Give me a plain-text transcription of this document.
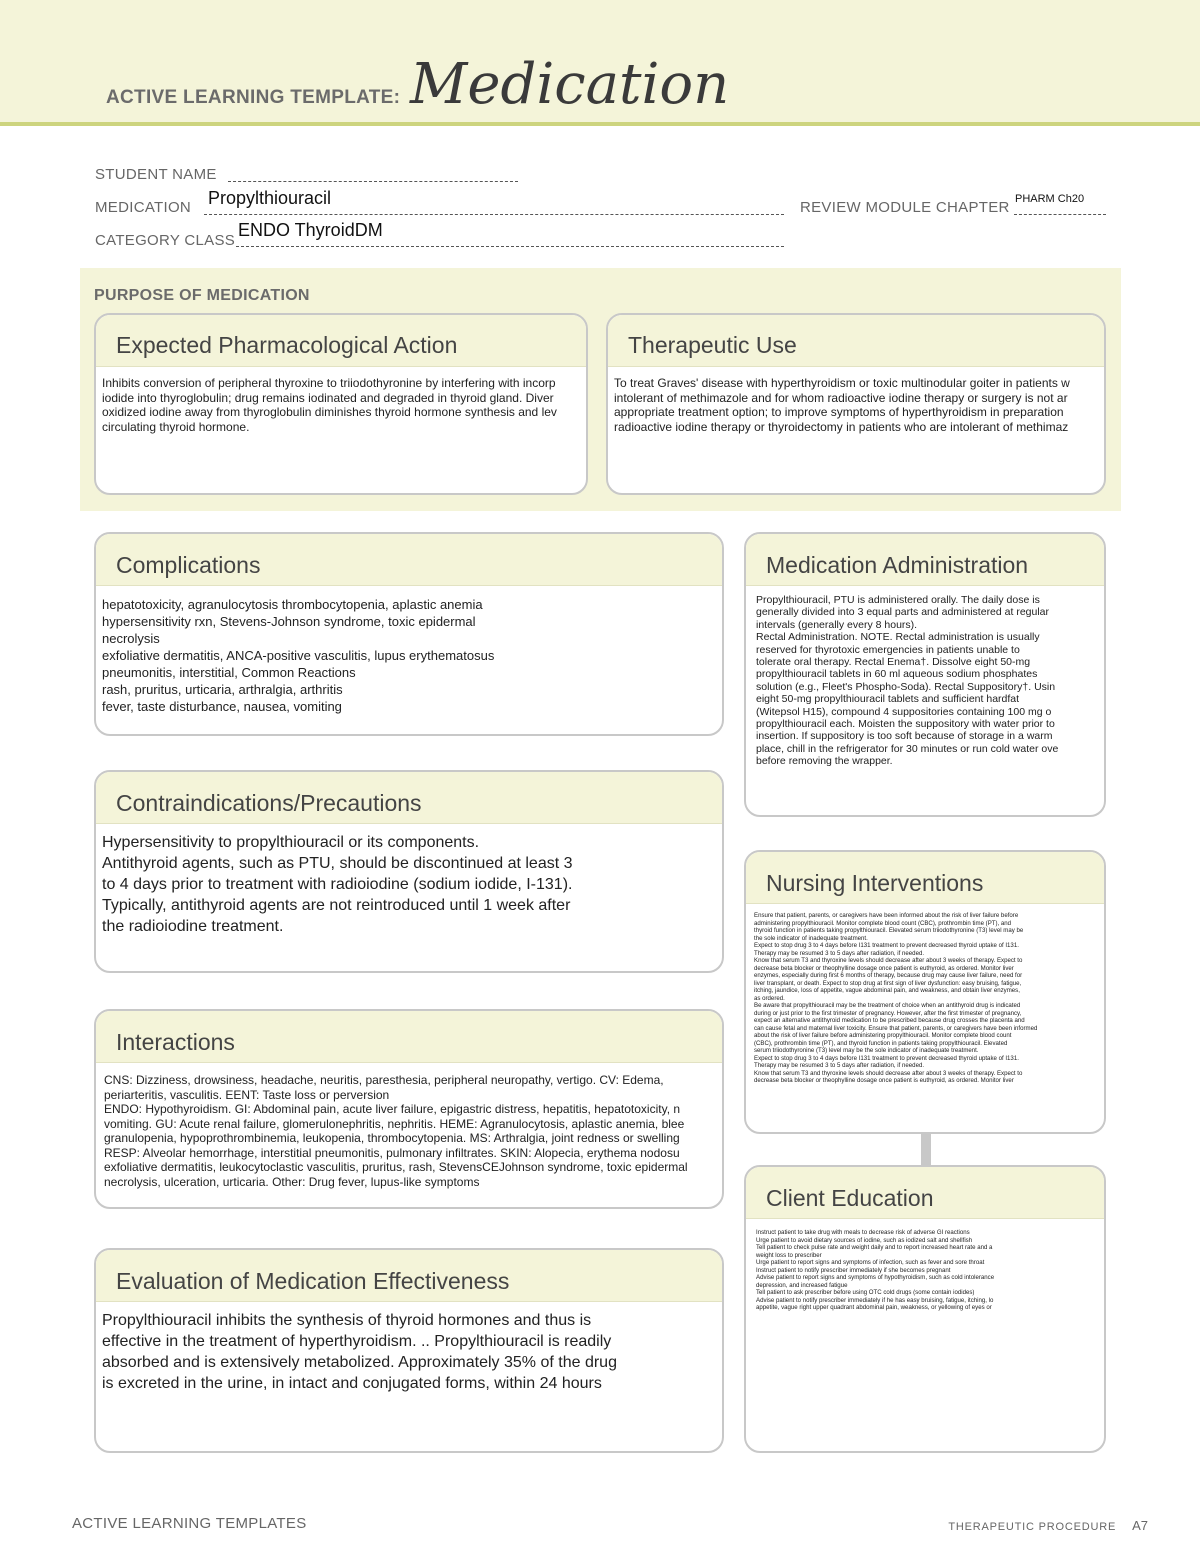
ACTIVE LEARNING TEMPLATE: Medication
STUDENT NAME
MEDICATION Propylthiouracil	REVIEW MODULE CHAPTER PHARM Ch20
CATEGORY CLASS
ENDO ThyroidDM
PURPOSE OF MEDICATION
Expected Pharmacological Action
Inhibits conversion of peripheral thyroxine to triiodothyronine by interfering with incorp
iodide into thyroglobulin; drug remains iodinated and degraded in thyroid gland. Diver
oxidized iodine away from thyroglobulin diminishes thyroid hormone synthesis and lev
circulating thyroid hormone.
Therapeutic Use
To treat Graves' disease with hyperthyroidism or toxic multinodular goiter in patients w
intolerant of methimazole and for whom radioactive iodine therapy or surgery is not ar
appropriate treatment option; to improve symptoms of hyperthyroidism in preparation
radioactive iodine therapy or thyroidectomy in patients who are intolerant of methimaz
Complications
hepatotoxicity, agranulocytosis thrombocytopenia, aplastic anemia
hypersensitivity rxn, Stevens-Johnson syndrome, toxic epidermal
necrolysis
exfoliative dermatitis, ANCA-positive vasculitis, lupus erythematosus
pneumonitis, interstitial, Common Reactions
rash, pruritus, urticaria, arthralgia, arthritis
fever, taste disturbance, nausea, vomiting
Medication Administration
Propylthiouracil, PTU is administered orally. The daily dose is
generally divided into 3 equal parts and administered at regular
intervals (generally every 8 hours).
Rectal Administration. NOTE. Rectal administration is usually
reserved for thyrotoxic emergencies in patients unable to
tolerate oral therapy. Rectal Enema†. Dissolve eight 50-mg
propylthiouracil tablets in 60 ml aqueous sodium phosphates
solution (e.g., Fleet's Phospho-Soda). Rectal Suppository†. Usin
eight 50-mg propylthiouracil tablets and sufficient hardfat
(Witepsol H15), compound 4 suppositories containing 100 mg o
propylthiouracil each. Moisten the suppository with water prior to
insertion. If suppository is too soft because of storage in a warm
place, chill in the refrigerator for 30 minutes or run cold water ove
before removing the wrapper.
Contraindications/Precautions
Hypersensitivity to propylthiouracil or its components.
Antithyroid agents, such as PTU, should be discontinued at least 3
to 4 days prior to treatment with radioiodine (sodium iodide, I-131).
Typically, antithyroid agents are not reintroduced until 1 week after
the radioiodine treatment.
Nursing Interventions
Ensure that patient, parents, or caregivers have been informed about the risk of liver failure before
administering propylthiouracil. Monitor complete blood count (CBC), prothrombin time (PT), and
thyroid function in patients taking propylthiouracil. Elevated serum triiodothyronine (T3) level may be
the sole indicator of inadequate treatment.
Expect to stop drug 3 to 4 days before I131 treatment to prevent decreased thyroid uptake of I131.
Therapy may be resumed 3 to 5 days after radiation, if needed.
Know that serum T3 and thyroxine levels should decrease after about 3 weeks of therapy. Expect to
decrease beta blocker or theophylline dosage once patient is euthyroid, as ordered. Monitor liver
enzymes, especially during first 6 months of therapy, because drug may cause liver failure, need for
liver transplant, or death. Expect to stop drug at first sign of liver dysfunction: easy bruising, fatigue,
itching, jaundice, loss of appetite, vague abdominal pain, and weakness, and obtain liver enzymes,
as ordered.
Be aware that propylthiouracil may be the treatment of choice when an antithyroid drug is indicated
during or just prior to the first trimester of pregnancy. However, after the first trimester of pregnancy,
expect an alternative antithyroid medication to be prescribed because drug crosses the placenta and
can cause fetal and maternal liver toxicity. Ensure that patient, parents, or caregivers have been informed
about the risk of liver failure before administering propylthiouracil. Monitor complete blood count
(CBC), prothrombin time (PT), and thyroid function in patients taking propylthiouracil. Elevated
serum triiodothyronine (T3) level may be the sole indicator of inadequate treatment.
Expect to stop drug 3 to 4 days before I131 treatment to prevent decreased thyroid uptake of I131.
Therapy may be resumed 3 to 5 days after radiation, if needed.
Know that serum T3 and thyroxine levels should decrease after about 3 weeks of therapy. Expect to
decrease beta blocker or theophylline dosage once patient is euthyroid, as ordered. Monitor liver
Interactions
CNS: Dizziness, drowsiness, headache, neuritis, paresthesia, peripheral neuropathy, vertigo. CV: Edema,
periarteritis, vasculitis. EENT: Taste loss or perversion
ENDO: Hypothyroidism. GI: Abdominal pain, acute liver failure, epigastric distress, hepatitis, hepatotoxicity, n
vomiting. GU: Acute renal failure, glomerulonephritis, nephritis. HEME: Agranulocytosis, aplastic anemia, blee
granulopenia, hypoprothrombinemia, leukopenia, thrombocytopenia. MS: Arthralgia, joint redness or swelling
RESP: Alveolar hemorrhage, interstitial pneumonitis, pulmonary infiltrates. SKIN: Alopecia, erythema nodosu
exfoliative dermatitis, leukocytoclastic vasculitis, pruritus, rash, StevensCEJohnson syndrome, toxic epidermal
necrolysis, ulceration, urticaria. Other: Drug fever, lupus-like symptoms
Client Education
Instruct patient to take drug with meals to decrease risk of adverse GI reactions
Urge patient to avoid dietary sources of iodine, such as iodized salt and shellfish
Tell patient to check pulse rate and weight daily and to report increased heart rate and a
weight loss to prescriber
Urge patient to report signs and symptoms of infection, such as fever and sore throat
Instruct patient to notify prescriber immediately if she becomes pregnant
Advise patient to report signs and symptoms of hypothyroidism, such as cold intolerance
depression, and increased fatigue
Tell patient to ask prescriber before using OTC cold drugs (some contain iodides)
Advise patient to notify prescriber immediately if he has easy bruising, fatigue, itching, lo
appetite, vague right upper quadrant abdominal pain, weakness, or yellowing of eyes or
Evaluation of Medication Effectiveness
Propylthiouracil inhibits the synthesis of thyroid hormones and thus is
effective in the treatment of hyperthyroidism. .. Propylthiouracil is readily
absorbed and is extensively metabolized. Approximately 35% of the drug
is excreted in the urine, in intact and conjugated forms, within 24 hours
ACTIVE LEARNING TEMPLATES	THERAPEUTIC PROCEDURE A7
